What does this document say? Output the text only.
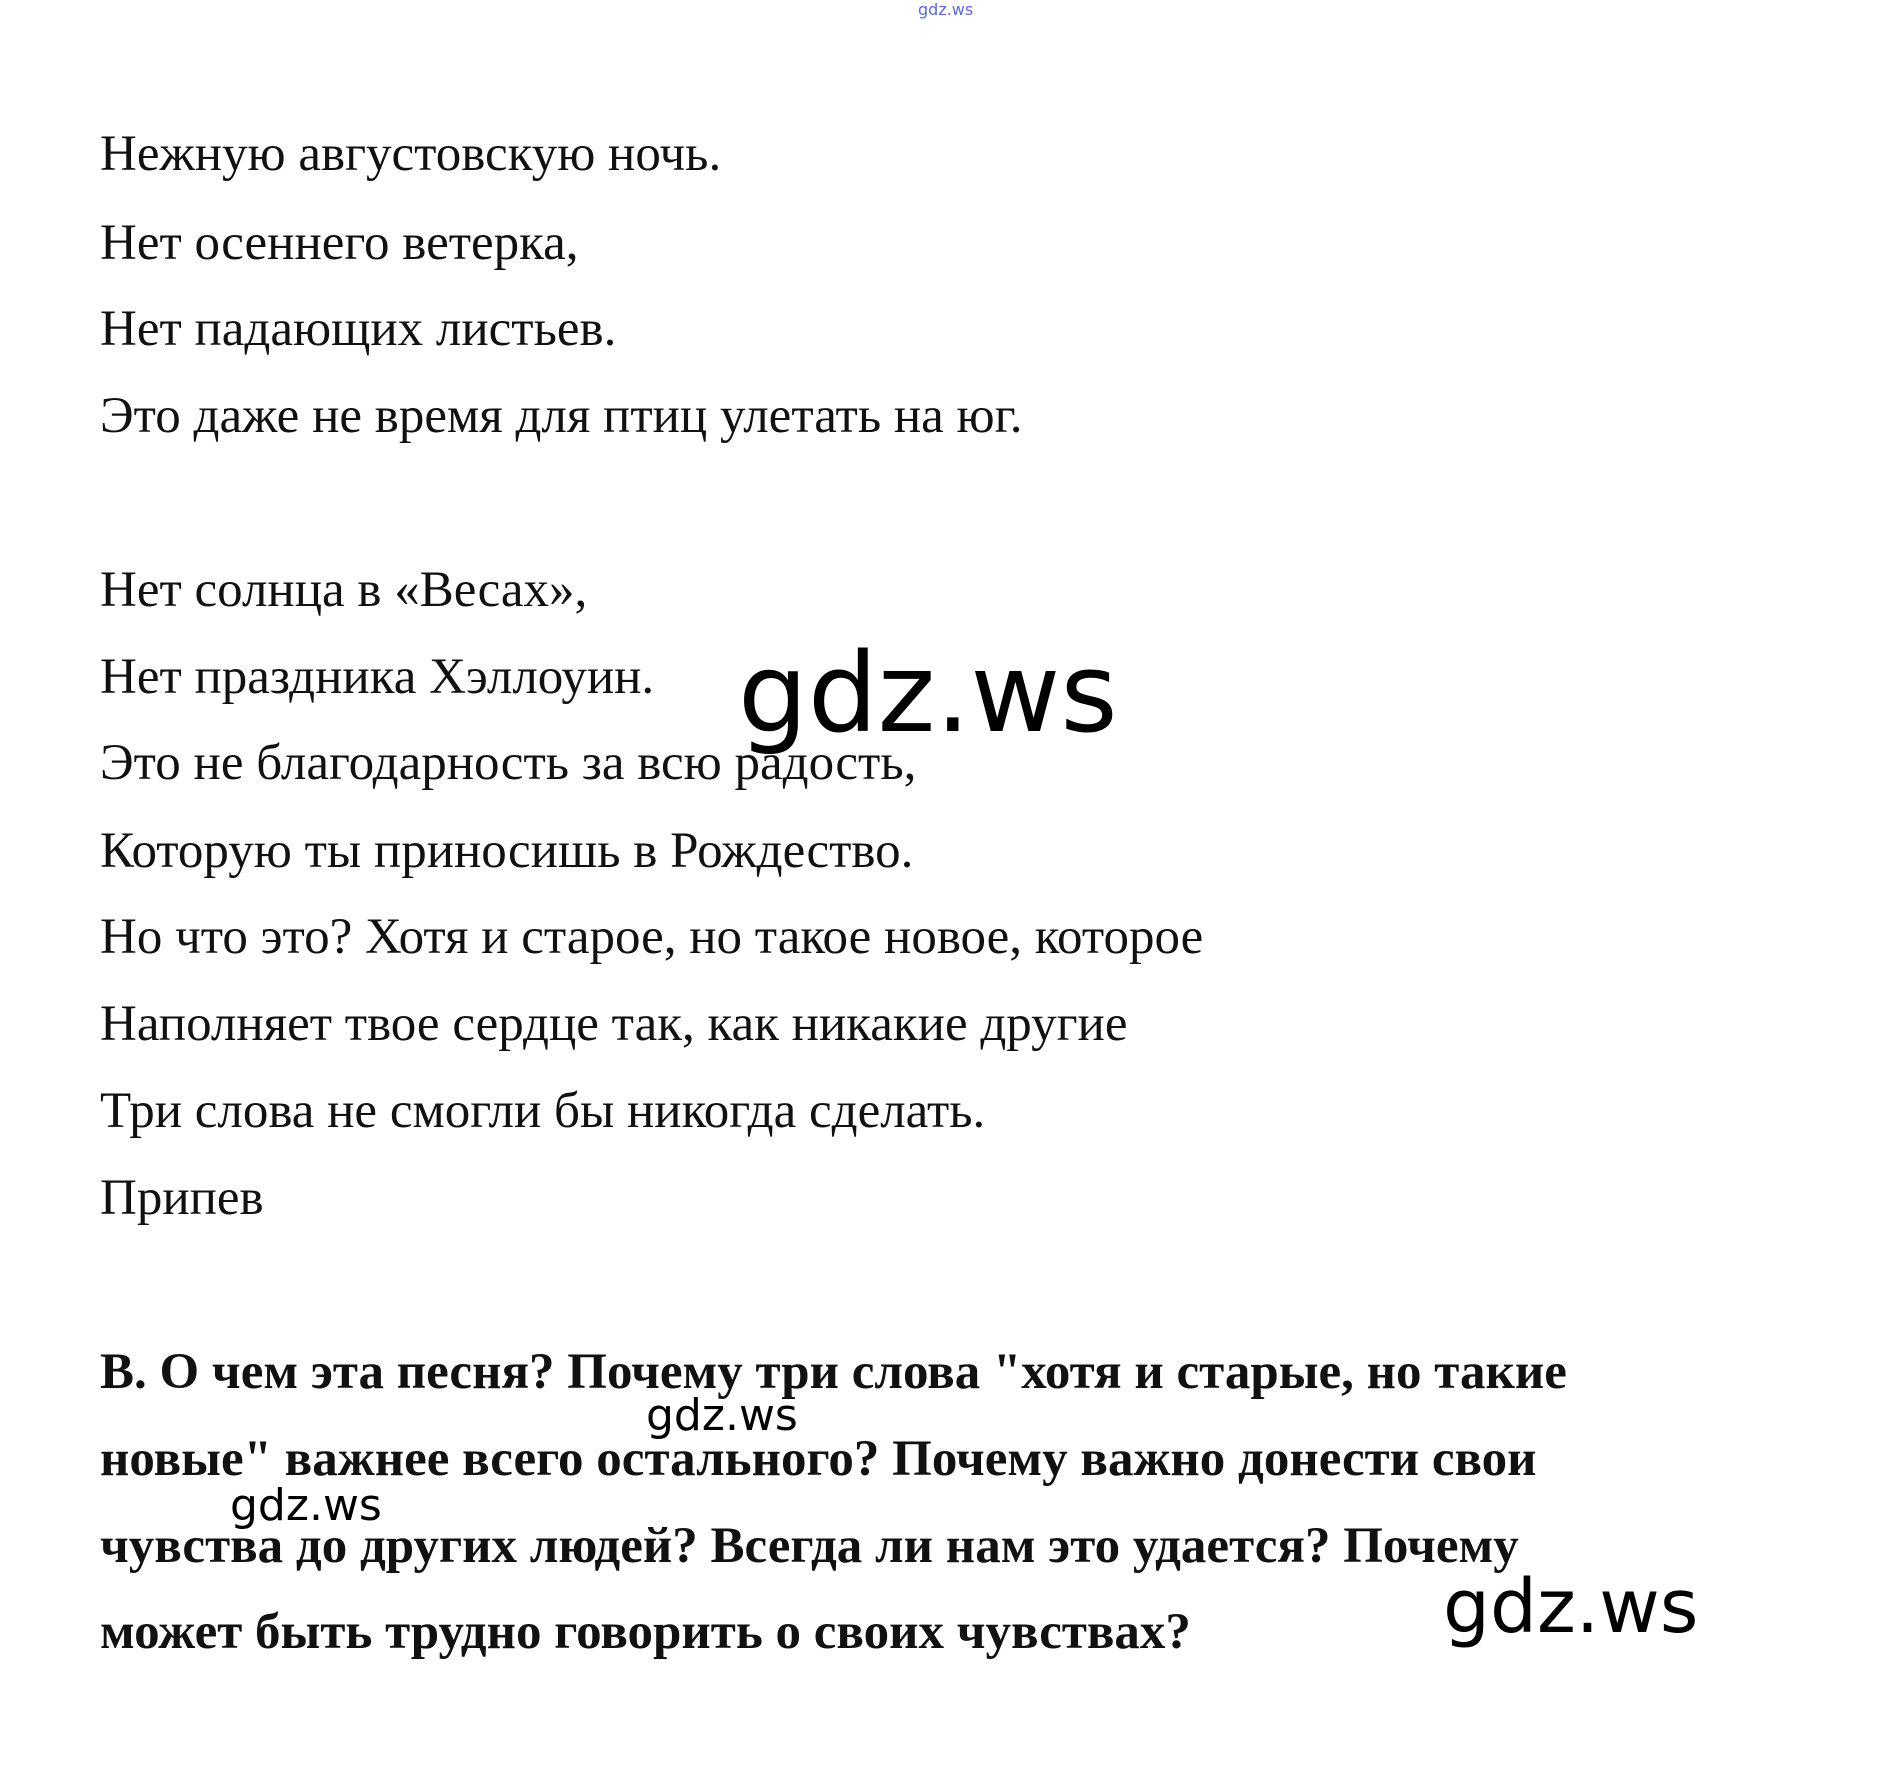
gdz.ws
Нежную августовскую ночь.
Нет осеннего ветерка,
Нет падающих листьев.
Это даже не время для птиц улетать на юг.
Нет солнца в «Весах»,
Нет праздника Хэллоуин.
Это не благодарность за всю радость,
Которую ты приносишь в Рождество.
Но что это? Хотя и старое, но такое новое, которое
Наполняет твое сердце так, как никакие другие
Три слова не смогли бы никогда сделать.
Припев
B. О чем эта песня? Почему три слова "хотя и старые, но такие
новые" важнее всего остального? Почему важно донести свои
чувства до других людей? Всегда ли нам это удается? Почему
может быть трудно говорить о своих чувствах?
gdz.ws
gdz.ws
gdz.ws
gdz.ws
